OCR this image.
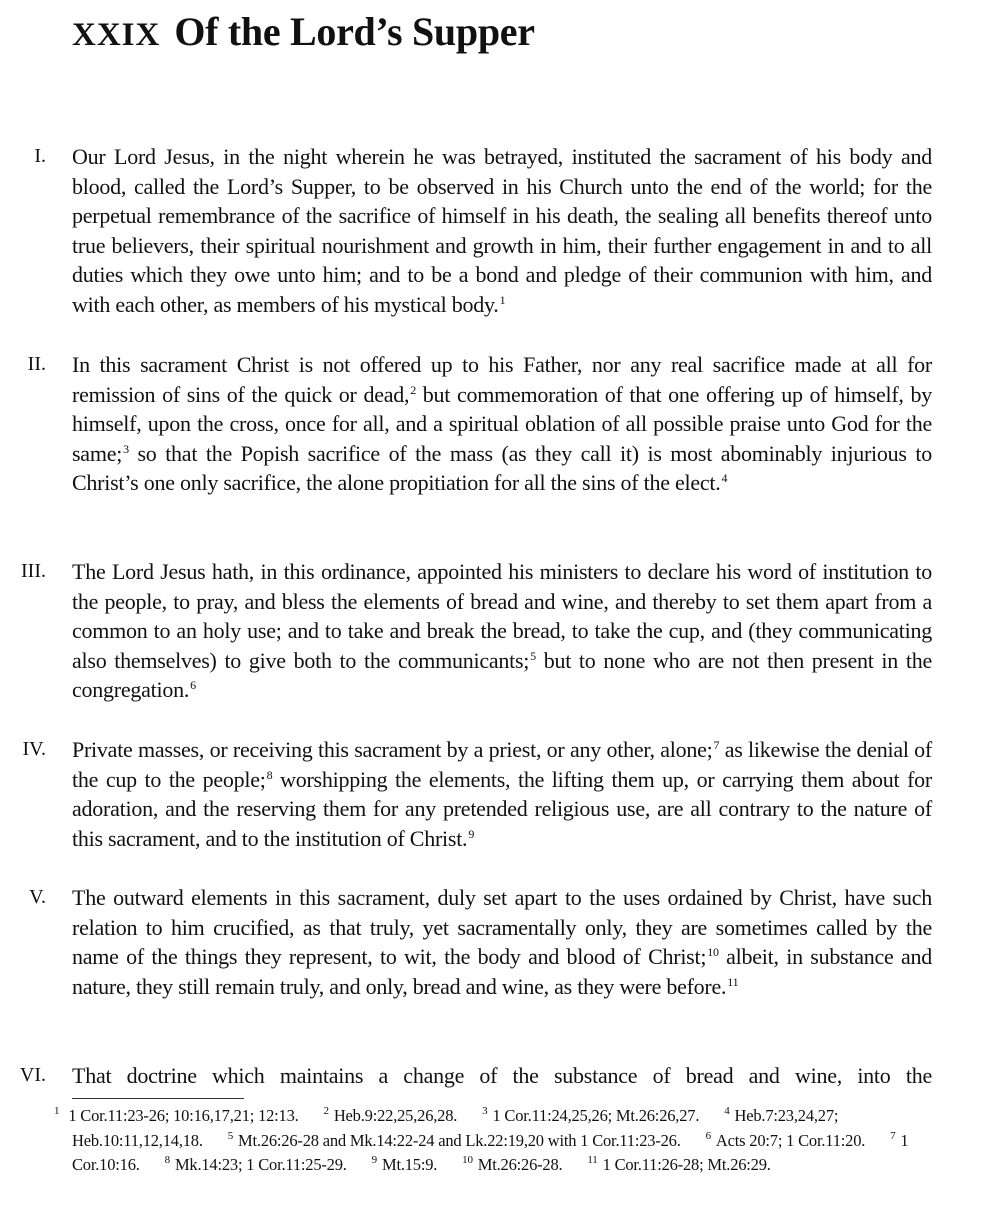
XXIX Of the Lord’s Supper
I. Our Lord Jesus, in the night wherein he was betrayed, instituted the sacrament of his body and blood, called the Lord’s Supper, to be observed in his Church unto the end of the world; for the perpetual remembrance of the sacrifice of himself in his death, the sealing all benefits thereof unto true believers, their spiritual nourishment and growth in him, their further engagement in and to all duties which they owe unto him; and to be a bond and pledge of their communion with him, and with each other, as members of his mystical body.$^1$
II. In this sacrament Christ is not offered up to his Father, nor any real sacrifice made at all for remission of sins of the quick or dead,$^2$ but commemoration of that one offering up of himself, by himself, upon the cross, once for all, and a spiritual oblation of all possible praise unto God for the same;$^3$ so that the Popish sacrifice of the mass (as they call it) is most abominably injurious to Christ’s one only sacrifice, the alone propitiation for all the sins of the elect.$^4$
III. The Lord Jesus hath, in this ordinance, appointed his ministers to declare his word of institution to the people, to pray, and bless the elements of bread and wine, and thereby to set them apart from a common to an holy use; and to take and break the bread, to take the cup, and (they communicating also themselves) to give both to the communicants;$^5$ but to none who are not then present in the congregation.$^6$
IV. Private masses, or receiving this sacrament by a priest, or any other, alone;$^7$ as likewise the denial of the cup to the people;$^8$ worshipping the elements, the lifting them up, or carrying them about for adoration, and the reserving them for any pretended religious use, are all contrary to the nature of this sacrament, and to the institution of Christ.$^9$
V. The outward elements in this sacrament, duly set apart to the uses ordained by Christ, have such relation to him crucified, as that truly, yet sacramentally only, they are sometimes called by the name of the things they represent, to wit, the body and blood of Christ;$^{10}$ albeit, in substance and nature, they still remain truly, and only, bread and wine, as they were before.$^{11}$
VI. That doctrine which maintains a change of the substance of bread and wine, into the
$^1$ 1 Cor.11:23-26; 10:16,17,21; 12:13. $^2$ Heb.9:22,25,26,28. $^3$ 1 Cor.11:24,25,26; Mt.26:26,27. $^4$ Heb.7:23,24,27; Heb.10:11,12,14,18. $^5$ Mt.26:26-28 and Mk.14:22-24 and Lk.22:19,20 with 1 Cor.11:23-26. $^6$ Acts 20:7; 1 Cor.11:20. $^7$ 1 Cor.10:16. $^8$ Mk.14:23; 1 Cor.11:25-29. $^9$ Mt.15:9. $^{10}$ Mt.26:26-28. $^{11}$ 1 Cor.11:26-28; Mt.26:29.
